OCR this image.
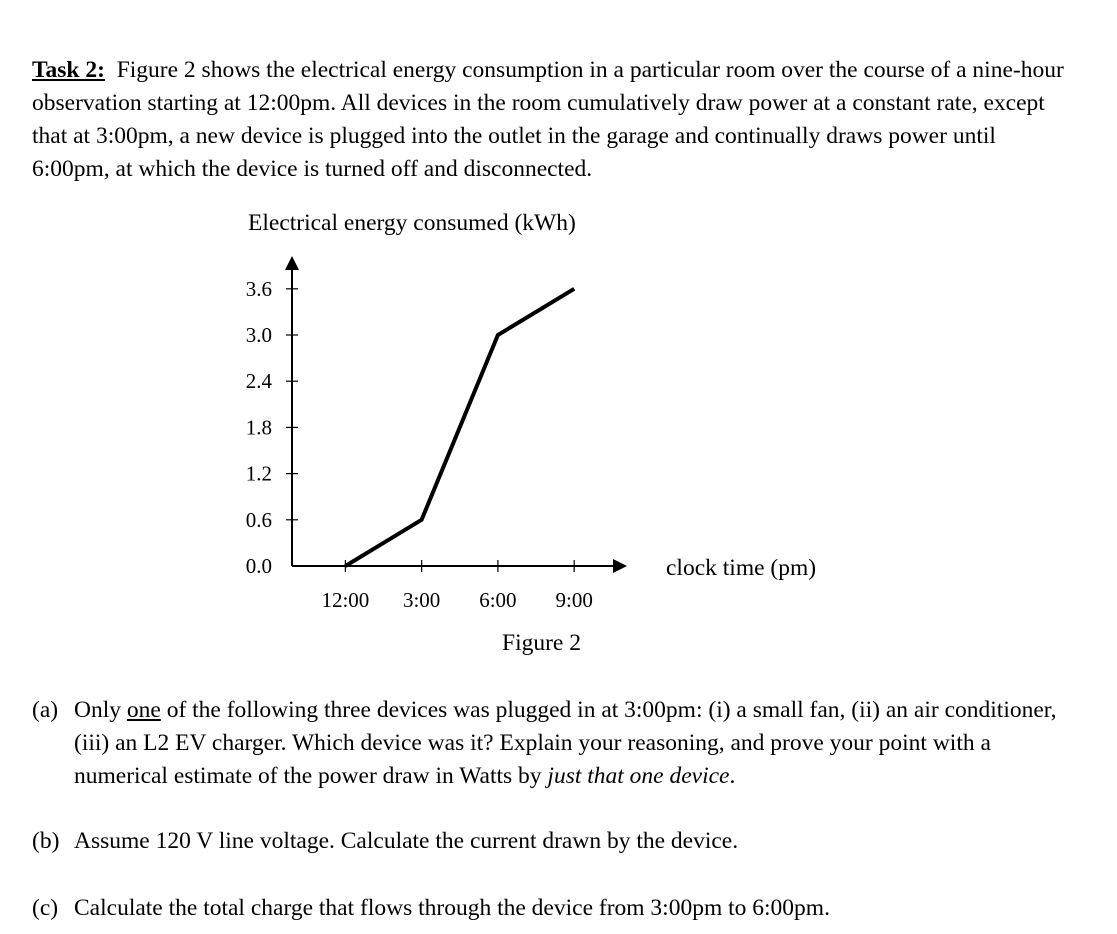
Task 2: Figure 2 shows the electrical energy consumption in a particular room over the course of a nine-hour observation starting at 12:00pm. All devices in the room cumulatively draw power at a constant rate, except that at 3:00pm, a new device is plugged into the outlet in the garage and continually draws power until 6:00pm, at which the device is turned off and disconnected.

Electrical energy consumed (kWh)
0.0
0.6
1.2
1.8
2.4
3.0
3.6
12:00 3:00 6:00 9:00
clock time (pm)
Figure 2

(a) Only one of the following three devices was plugged in at 3:00pm: (i) a small fan, (ii) an air conditioner, (iii) an L2 EV charger. Which device was it? Explain your reasoning, and prove your point with a numerical estimate of the power draw in Watts by just that one device.

(b) Assume 120 V line voltage. Calculate the current drawn by the device.

(c) Calculate the total charge that flows through the device from 3:00pm to 6:00pm.
